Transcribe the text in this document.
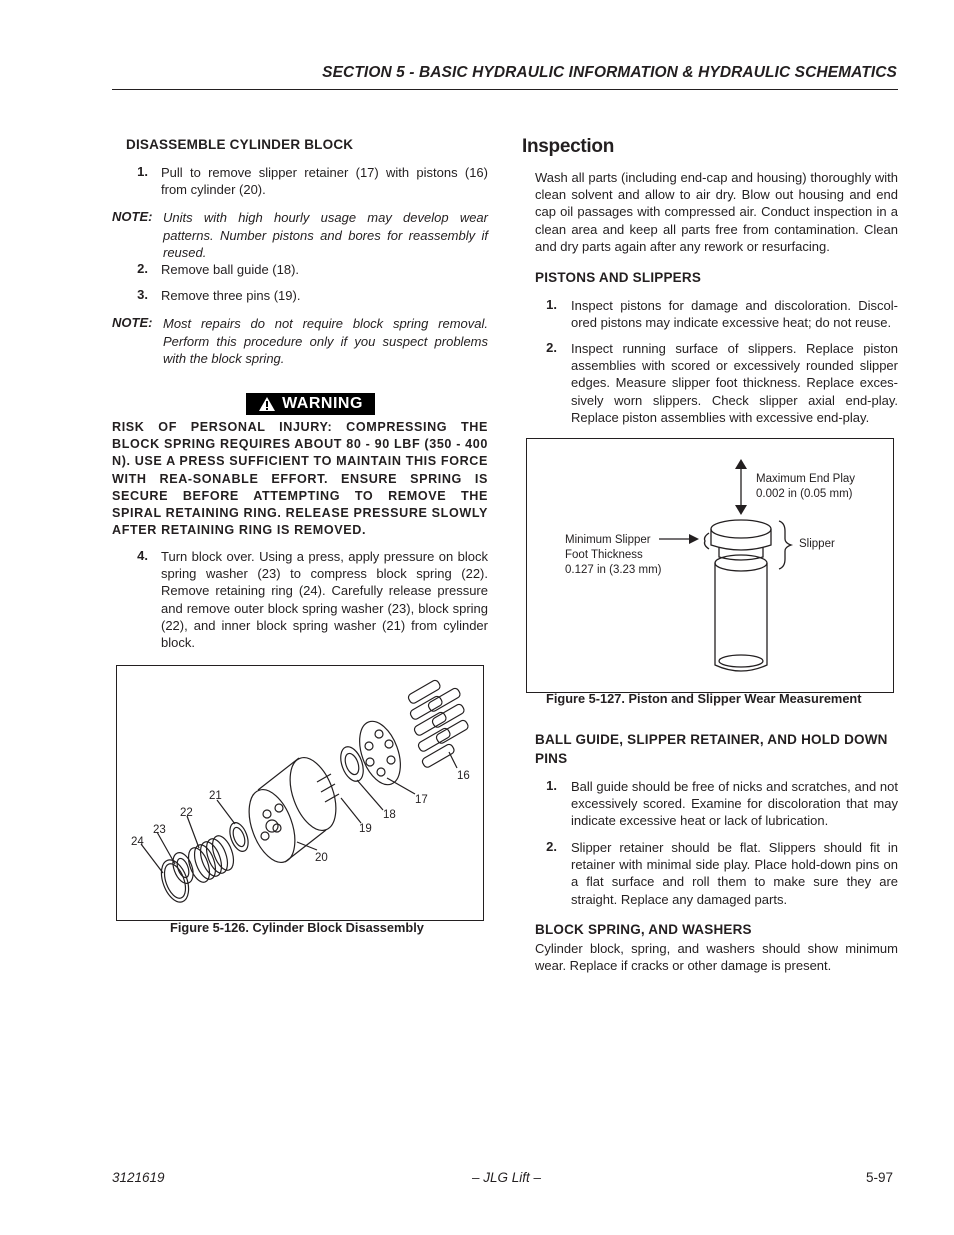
SECTION 5 - BASIC HYDRAULIC INFORMATION & HYDRAULIC SCHEMATICS
DISASSEMBLE CYLINDER BLOCK
1. Pull to remove slipper retainer (17) with pistons (16) from cylinder (20).
NOTE: Units with high hourly usage may develop wear patterns. Number pistons and bores for reassembly if reused.
2. Remove ball guide (18).
3. Remove three pins (19).
NOTE: Most repairs do not require block spring removal. Perform this procedure only if you suspect problems with the block spring.
WARNING
RISK OF PERSONAL INJURY: COMPRESSING THE BLOCK SPRING REQUIRES ABOUT 80 - 90 LBF (350 - 400 N). USE A PRESS SUFFICIENT TO MAINTAIN THIS FORCE WITH REA-SONABLE EFFORT. ENSURE SPRING IS SECURE BEFORE ATTEMPTING TO REMOVE THE SPIRAL RETAINING RING. RELEASE PRESSURE SLOWLY AFTER RETAINING RING IS REMOVED.
4. Turn block over. Using a press, apply pressure on block spring washer (23) to compress block spring (22). Remove retaining ring (24). Carefully release pressure and remove outer block spring washer (23), block spring (22), and inner block spring washer (21) from cylinder block.
16
17
18
19
20
21
22
23
24
Figure 5-126. Cylinder Block Disassembly
Inspection
Wash all parts (including end-cap and housing) thoroughly with clean solvent and allow to air dry. Blow out housing and end cap oil passages with compressed air. Conduct inspection in a clean area and keep all parts free from contamination. Clean and dry parts again after any rework or resurfacing.
PISTONS AND SLIPPERS
1. Inspect pistons for damage and discoloration. Discol-ored pistons may indicate excessive heat; do not reuse.
2. Inspect running surface of slippers. Replace piston assemblies with scored or excessively rounded slipper edges. Measure slipper foot thickness. Replace exces-sively worn slippers. Check slipper axial end-play. Replace piston assemblies with excessive end-play.
Maximum End Play
0.002 in (0.05 mm)
Slipper
Minimum Slipper
Foot Thickness
0.127 in (3.23 mm)
Figure 5-127. Piston and Slipper Wear Measurement
BALL GUIDE, SLIPPER RETAINER, AND HOLD DOWN
PINS
1. Ball guide should be free of nicks and scratches, and not excessively scored. Examine for discoloration that may indicate excessive heat or lack of lubrication.
2. Slipper retainer should be flat. Slippers should fit in retainer with minimal side play. Place hold-down pins on a flat surface and roll them to make sure they are straight. Replace any damaged parts.
BLOCK SPRING, AND WASHERS
Cylinder block, spring, and washers should show minimum wear. Replace if cracks or other damage is present.
3121619	– JLG Lift –	5-97
